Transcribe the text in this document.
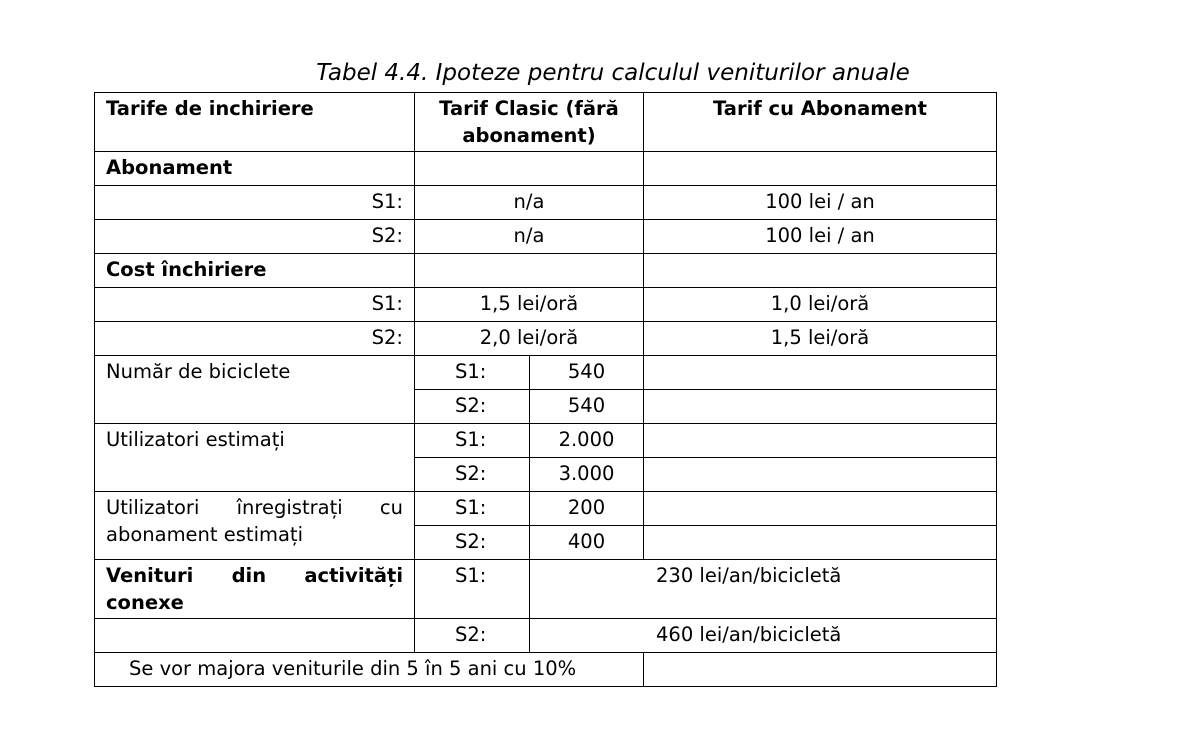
Tabel 4.4. Ipoteze pentru calculul veniturilor anuale
Tarife de inchiriere	Tarif Clasic (fără abonament)		Tarif cu Abonament
Abonament			
S1:	n/a		100 lei / an
S2:	n/a		100 lei / an
Cost închiriere			
S1:	1,5 lei/oră		1,0 lei/oră
S2:	2,0 lei/oră		1,5 lei/oră
Număr de biciclete	S1:	540	
	S2:	540	
Utilizatori estimați	S1:	2.000	
	S2:	3.000	
Utilizatori înregistrați cu abonament estimați	S1:	200	
	S2:	400	
Venituri din activități conexe	S1:	230 lei/an/bicicletă	
	S2:	460 lei/an/bicicletă	
Se vor majora veniturile din 5 în 5 ani cu 10%			
